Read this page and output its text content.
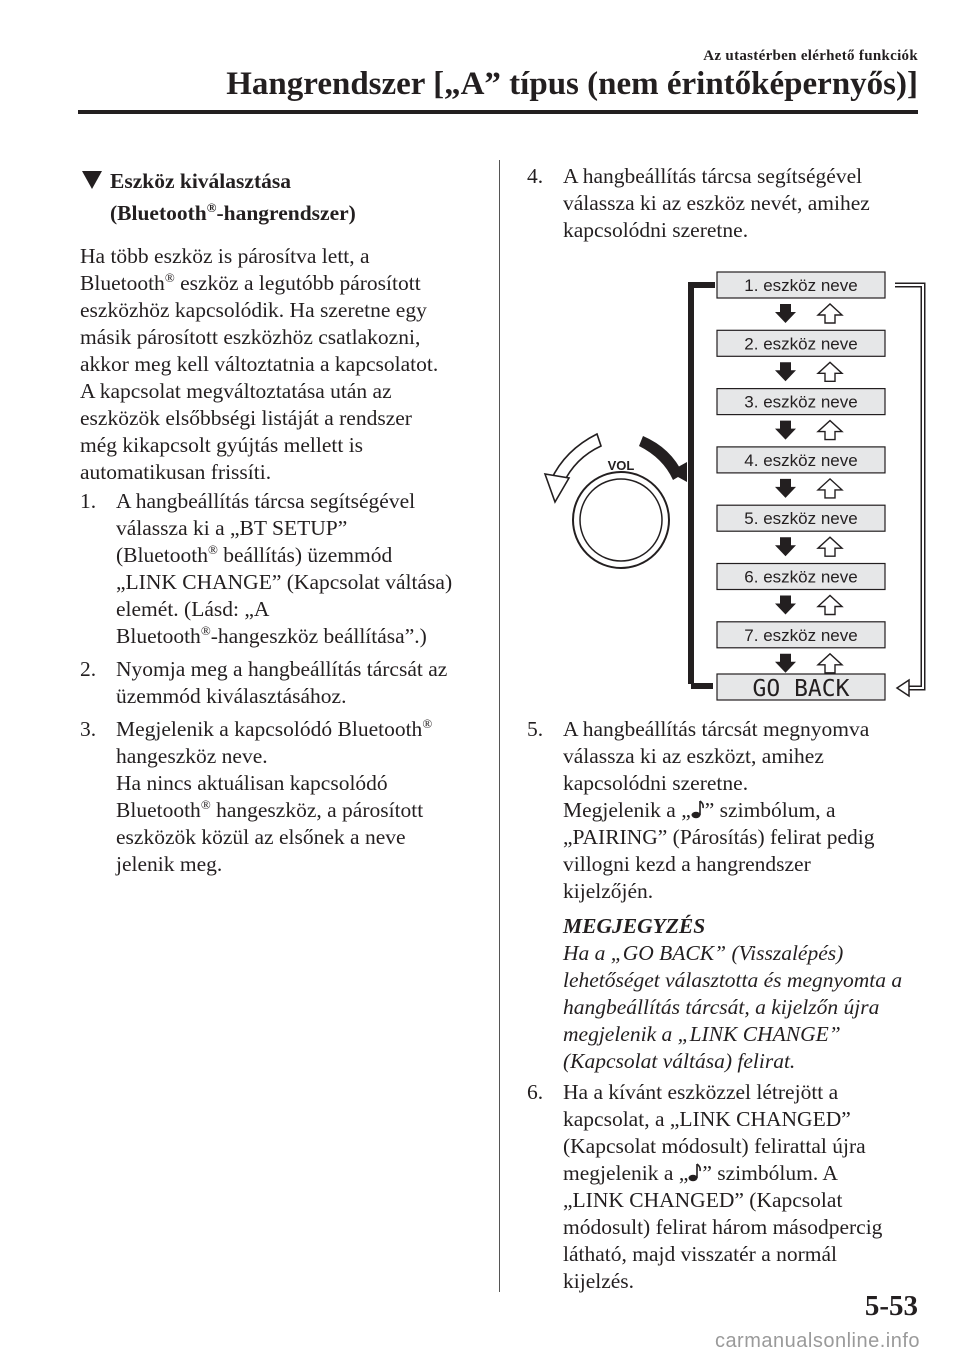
Az utastérben elérhető funkciók
Hangrendszer [„A” típus (nem érintőképernyős)]
Eszköz kiválasztása
(Bluetooth®-hangrendszer)
Ha több eszköz is párosítva lett, a
Bluetooth® eszköz a legutóbb párosított
eszközhöz kapcsolódik. Ha szeretne egy
másik párosított eszközhöz csatlakozni,
akkor meg kell változtatnia a kapcsolatot.
A kapcsolat megváltoztatása után az
eszközök elsőbbségi listáját a rendszer
még kikapcsolt gyújtás mellett is
automatikusan frissíti.
1. A hangbeállítás tárcsa segítségével
válassza ki a „BT SETUP”
(Bluetooth® beállítás) üzemmód
„LINK CHANGE” (Kapcsolat váltása)
elemét. (Lásd: „A
Bluetooth®-hangeszköz beállítása”.)
2. Nyomja meg a hangbeállítás tárcsát az
üzemmód kiválasztásához.
3. Megjelenik a kapcsolódó Bluetooth®
hangeszköz neve.
Ha nincs aktuálisan kapcsolódó
Bluetooth® hangeszköz, a párosított
eszközök közül az elsőnek a neve
jelenik meg.
4. A hangbeállítás tárcsa segítségével
válassza ki az eszköz nevét, amihez
kapcsolódni szeretne.
5. A hangbeállítás tárcsát megnyomva
válassza ki az eszközt, amihez
kapcsolódni szeretne.
Megjelenik a „ ” szimbólum, a
„PAIRING” (Párosítás) felirat pedig
villogni kezd a hangrendszer
kijelzőjén.
MEGJEGYZÉS
Ha a „GO BACK” (Visszalépés)
lehetőséget választotta és megnyomta a
hangbeállítás tárcsát, a kijelzőn újra
megjelenik a „LINK CHANGE”
(Kapcsolat váltása) felirat.
6. Ha a kívánt eszközzel létrejött a
kapcsolat, a „LINK CHANGED”
(Kapcsolat módosult) felirattal újra
megjelenik a „ ” szimbólum. A
„LINK CHANGED” (Kapcsolat
módosult) felirat három másodpercig
látható, majd visszatér a normál
kijelzés.
VOL
1. eszköz neve
2. eszköz neve
3. eszköz neve
4. eszköz neve
5. eszköz neve
6. eszköz neve
7. eszköz neve
GO BACK
5-53
carmanualsonline.info
